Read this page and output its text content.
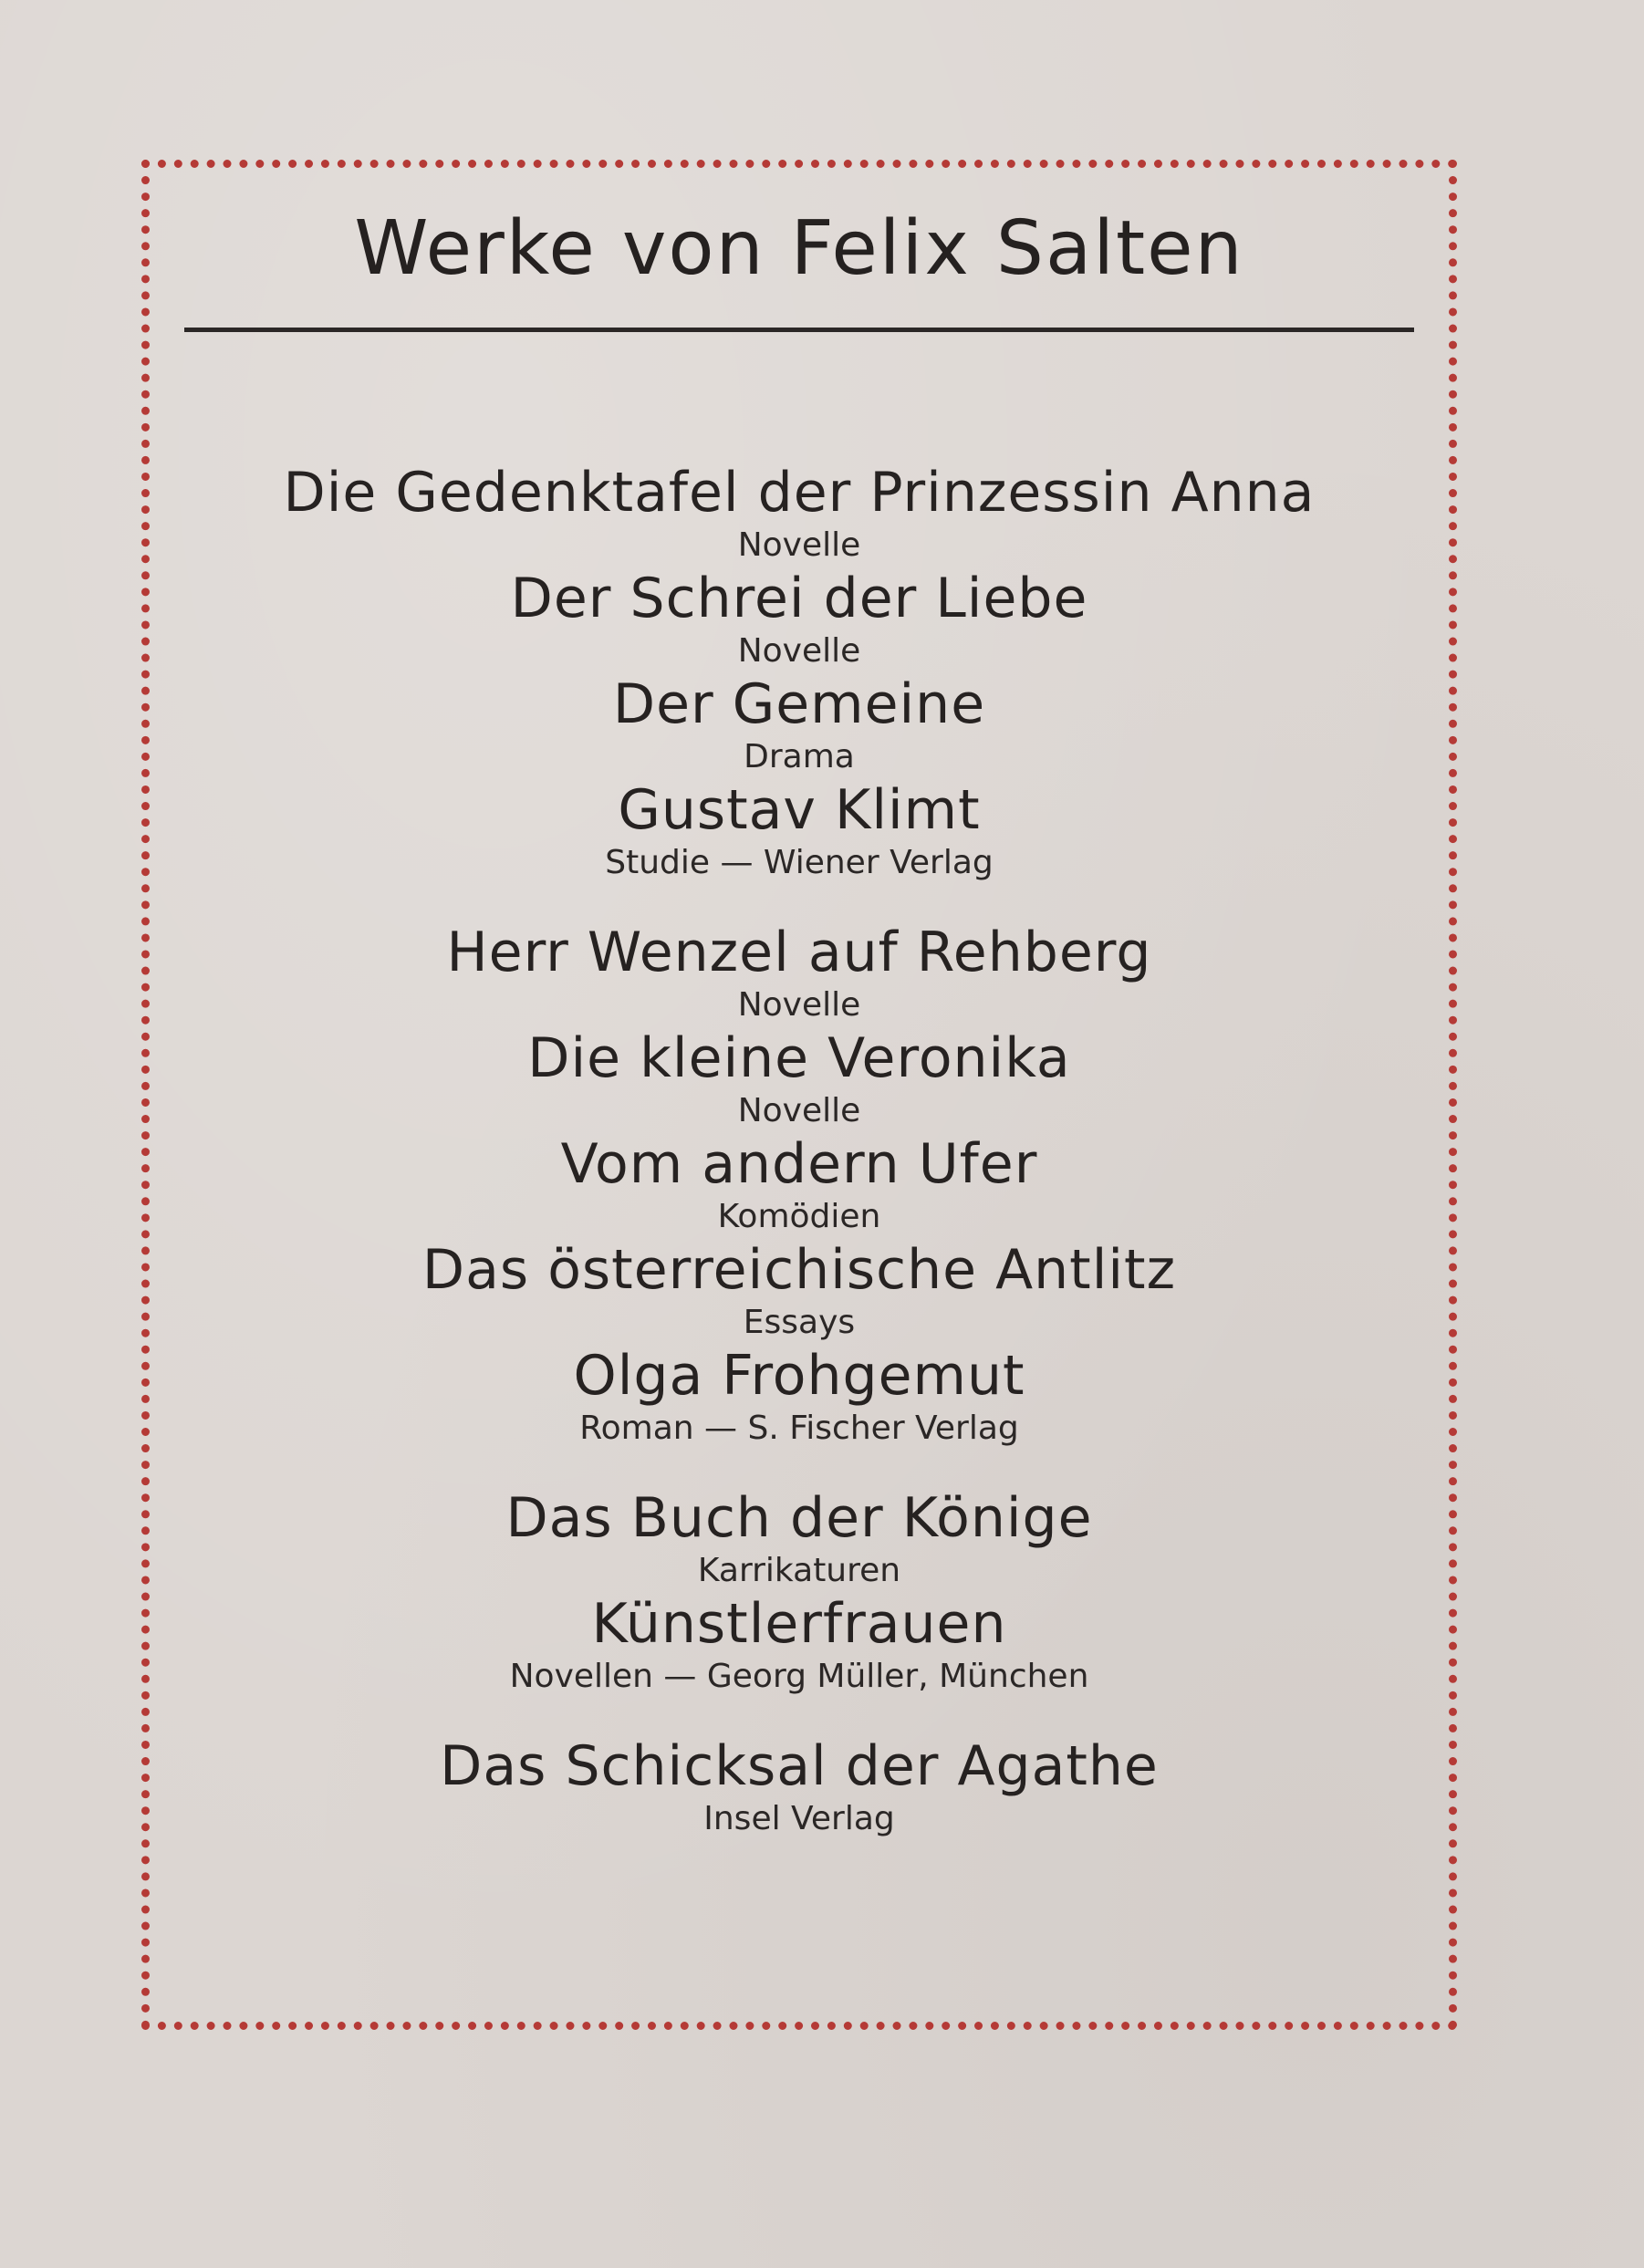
Werke von Felix Salten
Die Gedenktafel der Prinzessin Anna
Novelle
Der Schrei der Liebe
Novelle
Der Gemeine
Drama
Gustav Klimt
Studie — Wiener Verlag
Herr Wenzel auf Rehberg
Novelle
Die kleine Veronika
Novelle
Vom andern Ufer
Komödien
Das österreichische Antlitz
Essays
Olga Frohgemut
Roman — S. Fischer Verlag
Das Buch der Könige
Karrikaturen
Künstlerfrauen
Novellen — Georg Müller, München
Das Schicksal der Agathe
Insel Verlag
